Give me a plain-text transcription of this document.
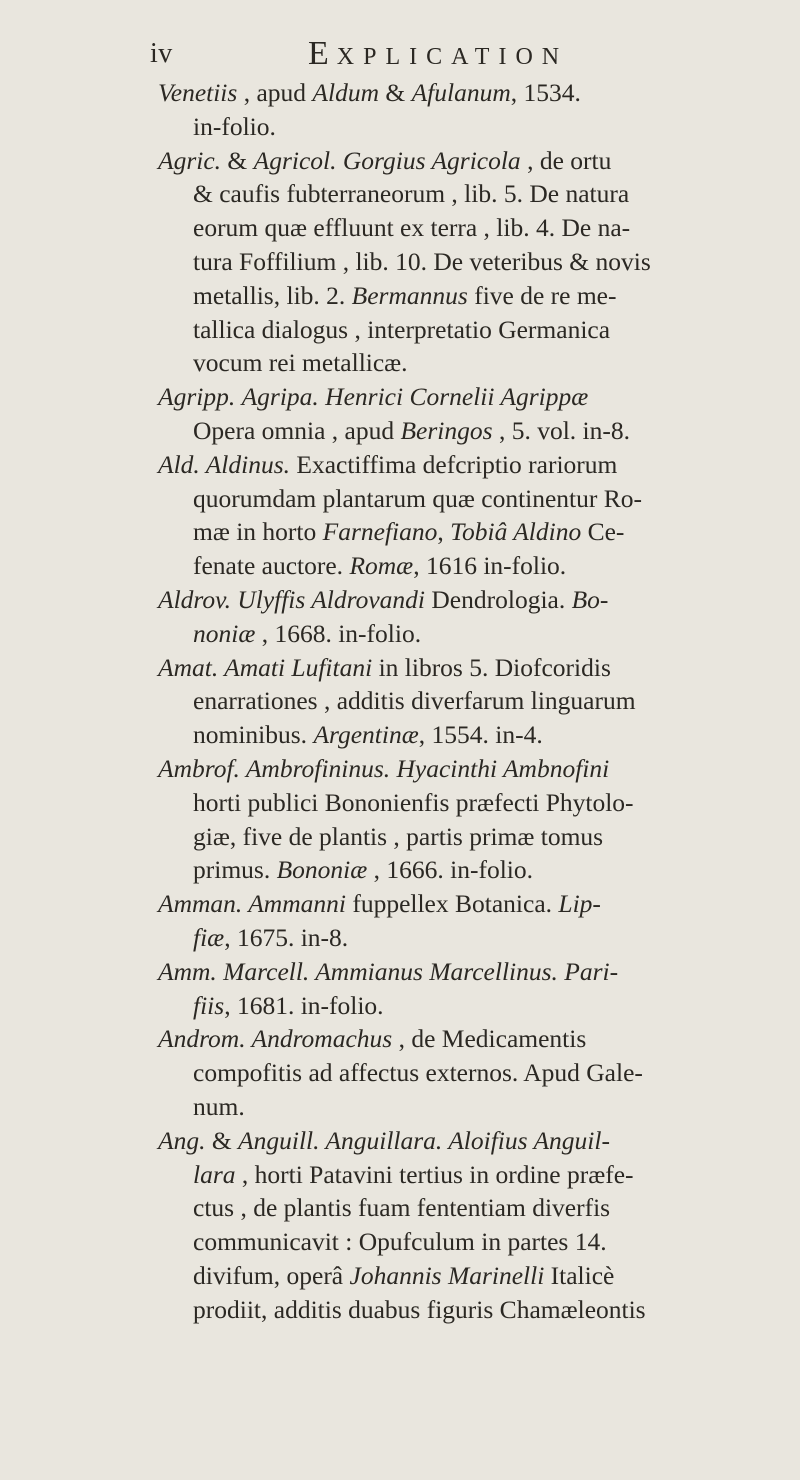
iv	EXPLICATION
Venetiis , apud Aldum & Afulanum, 1534.
in-folio.
Agric. & Agricol. Gorgius Agricola , de ortu
& caufis fubterraneorum , lib. 5. De natura
eorum quæ effluunt ex terra , lib. 4. De na-
tura Foffilium , lib. 10. De veteribus & novis
metallis, lib. 2. Bermannus five de re me-
tallica dialogus , interpretatio Germanica
vocum rei metallicæ.
Agripp. Agripa. Henrici Cornelii Agrippæ
Opera omnia , apud Beringos , 5. vol. in-8.
Ald. Aldinus. Exactiffima defcriptio rariorum
quorumdam plantarum quæ continentur Ro-
mæ in horto Farnefiano, Tobiâ Aldino Ce-
fenate auctore. Romæ, 1616 in-folio.
Aldrov. Ulyffis Aldrovandi Dendrologia. Bo-
noniæ , 1668. in-folio.
Amat. Amati Lufitani in libros 5. Diofcoridis
enarrationes , additis diverfarum linguarum
nominibus. Argentinæ, 1554. in-4.
Ambrof. Ambrofininus. Hyacinthi Ambnofini
horti publici Bononienfis præfecti Phytolo-
giæ, five de plantis , partis primæ tomus
primus. Bononiæ , 1666. in-folio.
Amman. Ammanni fuppellex Botanica. Lip-
fiæ, 1675. in-8.
Amm. Marcell. Ammianus Marcellinus. Pari-
fiis, 1681. in-folio.
Androm. Andromachus , de Medicamentis
compofitis ad affectus externos. Apud Gale-
num.
Ang. & Anguill. Anguillara. Aloifius Anguil-
lara , horti Patavini tertius in ordine præfe-
ctus , de plantis fuam fententiam diverfis
communicavit : Opufculum in partes 14.
divifum, operâ Johannis Marinelli Italicè
prodiit, additis duabus figuris Chamæleontis
